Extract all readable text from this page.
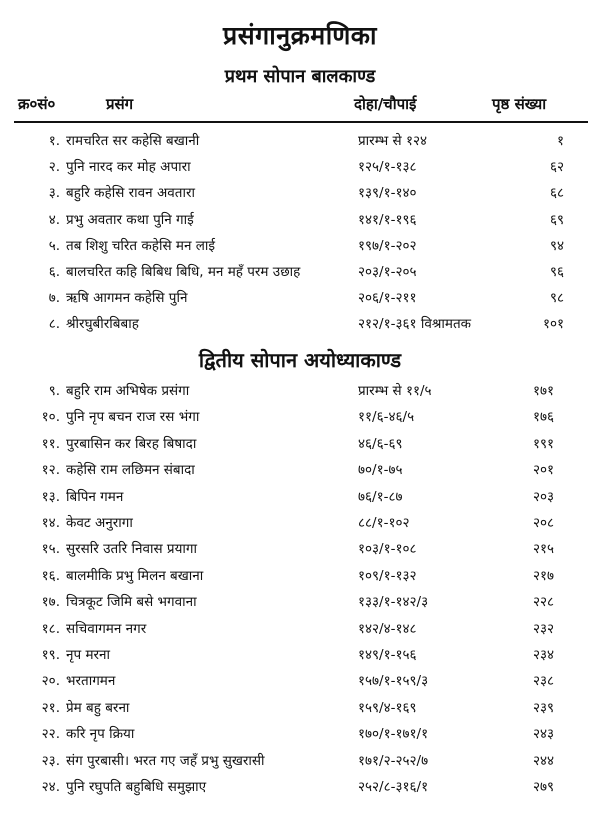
प्रसंगानुक्रमणिका
प्रथम सोपान बालकाण्ड
क्र०सं०	प्रसंग	दोहा/चौपाई	पृष्ठ संख्या
१. रामचरित सर कहेसि बखानी	प्रारम्भ से १२४	१
२. पुनि नारद कर मोह अपारा	१२५/१-१३८	६२
३. बहुरि कहेसि रावन अवतारा	१३९/१-१४०	६८
४. प्रभु अवतार कथा पुनि गाई	१४१/१-१९६	६९
५. तब शिशु चरित कहेसि मन लाई	१९७/१-२०२	९४
६. बालचरित कहि बिबिध बिधि, मन महँ परम उछाह	२०३/१-२०५	९६
७. ऋषि आगमन कहेसि पुनि	२०६/१-२११	९८
८. श्रीरघुबीरबिबाह	२१२/१-३६१ विश्रामतक	१०१
द्वितीय सोपान अयोध्याकाण्ड
९. बहुरि राम अभिषेक प्रसंगा	प्रारम्भ से ११/५	१७१
१०. पुनि नृप बचन राज रस भंगा	११/६-४६/५	१७६
११. पुरबासिन कर बिरह बिषादा	४६/६-६९	१९१
१२. कहेसि राम लछिमन संबादा	७०/१-७५	२०१
१३. बिपिन गमन	७६/१-८७	२०३
१४. केवट अनुरागा	८८/१-१०२	२०८
१५. सुरसरि उतरि निवास प्रयागा	१०३/१-१०८	२१५
१६. बालमीकि प्रभु मिलन बखाना	१०९/१-१३२	२१७
१७. चित्रकूट जिमि बसे भगवाना	१३३/१-१४२/३	२२८
१८. सचिवागमन नगर	१४२/४-१४८	२३२
१९. नृप मरना	१४९/१-१५६	२३४
२०. भरतागमन	१५७/१-१५९/३	२३८
२१. प्रेम बहु बरना	१५९/४-१६९	२३९
२२. करि नृप क्रिया	१७०/१-१७१/१	२४३
२३. संग पुरबासी। भरत गए जहँ प्रभु सुखरासी	१७१/२-२५२/७	२४४
२४. पुनि रघुपति बहुबिधि समुझाए	२५२/८-३१६/१	२७९
